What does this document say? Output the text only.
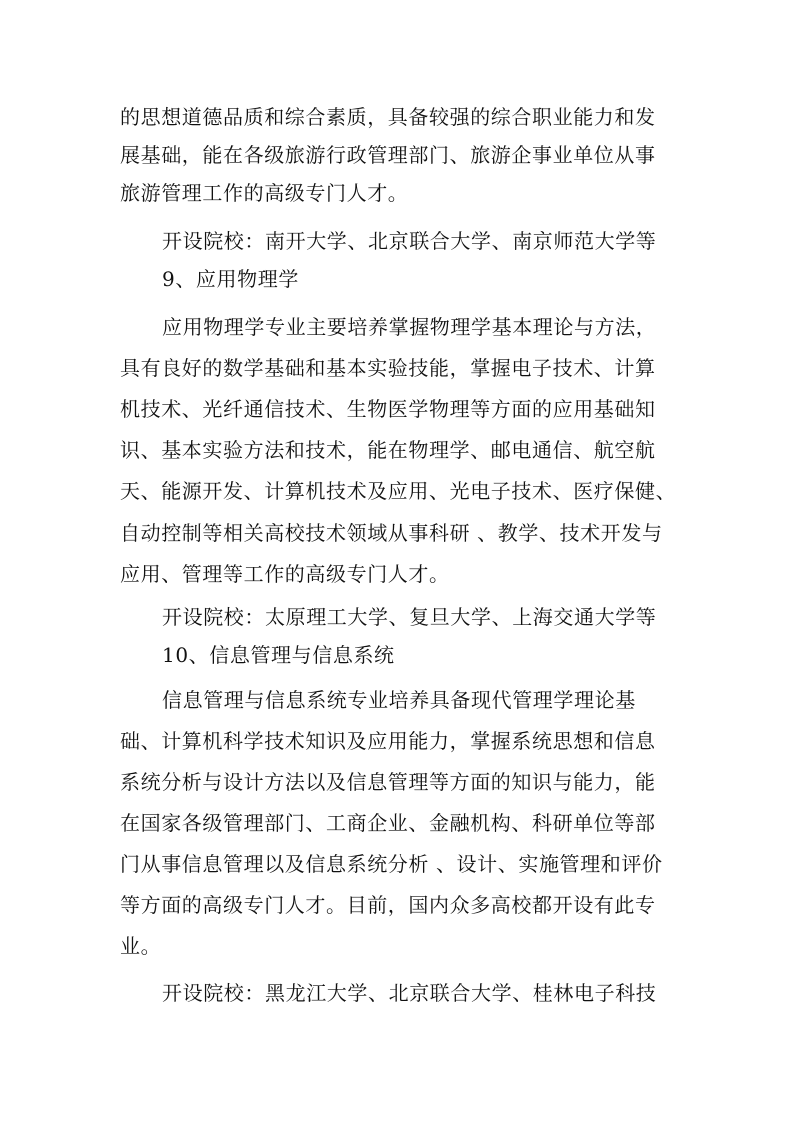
的思想道德品质和综合素质，具备较强的综合职业能力和发
展基础，能在各级旅游行政管理部门、旅游企事业单位从事
旅游管理工作的高级专门人才。
开设院校：南开大学、北京联合大学、南京师范大学等
9、应用物理学
应用物理学专业主要培养掌握物理学基本理论与方法，
具有良好的数学基础和基本实验技能，掌握电子技术、计算
机技术、光纤通信技术、生物医学物理等方面的应用基础知
识、基本实验方法和技术，能在物理学、邮电通信、航空航
天、能源开发、计算机技术及应用、光电子技术、医疗保健、
自动控制等相关高校技术领域从事科研 、教学、技术开发与
应用、管理等工作的高级专门人才。
开设院校：太原理工大学、复旦大学、上海交通大学等
10、信息管理与信息系统
信息管理与信息系统专业培养具备现代管理学理论基
础、计算机科学技术知识及应用能力，掌握系统思想和信息
系统分析与设计方法以及信息管理等方面的知识与能力，能
在国家各级管理部门、工商企业、金融机构、科研单位等部
门从事信息管理以及信息系统分析 、设计、实施管理和评价
等方面的高级专门人才。目前，国内众多高校都开设有此专
业。
开设院校：黑龙江大学、北京联合大学、桂林电子科技
